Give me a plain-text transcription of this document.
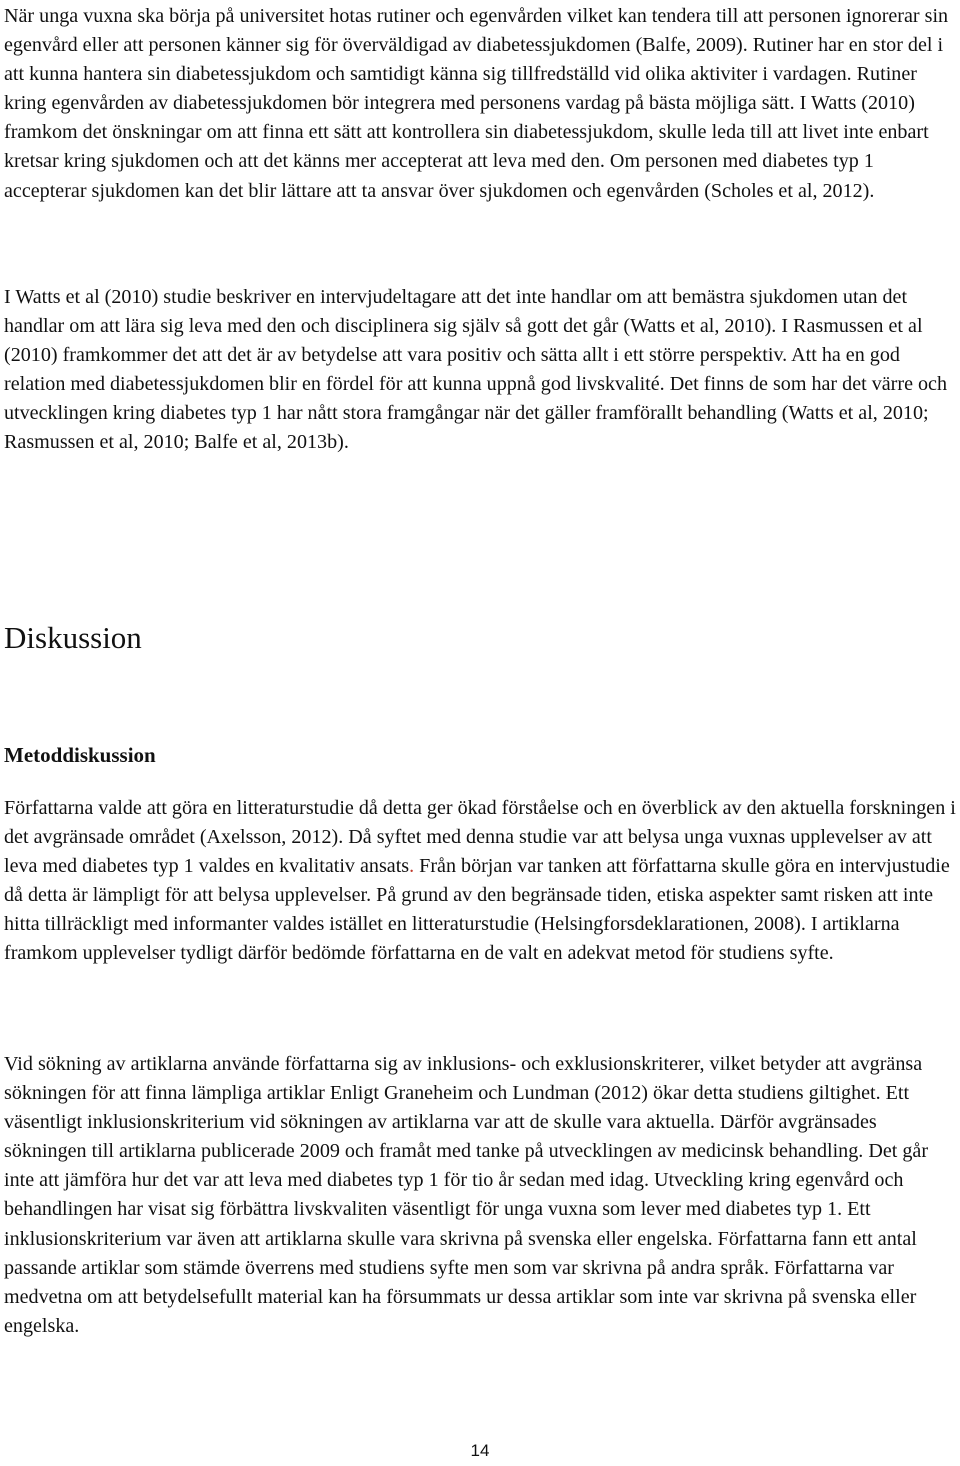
När unga vuxna ska börja på universitet hotas rutiner och egenvården vilket kan tendera till att personen ignorerar sin egenvård eller att personen känner sig för överväldigad av diabetessjukdomen (Balfe, 2009). Rutiner har en stor del i att kunna hantera sin diabetessjukdom och samtidigt känna sig tillfredställd vid olika aktiviter i vardagen. Rutiner kring egenvården av diabetessjukdomen bör integrera med personens vardag på bästa möjliga sätt. I Watts (2010) framkom det önskningar om att finna ett sätt att kontrollera sin diabetessjukdom, skulle leda till att livet inte enbart kretsar kring sjukdomen och att det känns mer accepterat att leva med den. Om personen med diabetes typ 1 accepterar sjukdomen kan det blir lättare att ta ansvar över sjukdomen och egenvården (Scholes et al, 2012).

I Watts et al (2010) studie beskriver en intervjudeltagare att det inte handlar om att bemästra sjukdomen utan det handlar om att lära sig leva med den och disciplinera sig själv så gott det går (Watts et al, 2010). I Rasmussen et al (2010) framkommer det att det är av betydelse att vara positiv och sätta allt i ett större perspektiv. Att ha en god relation med diabetessjukdomen blir en fördel för att kunna uppnå god livskvalité. Det finns de som har det värre och utvecklingen kring diabetes typ 1 har nått stora framgångar när det gäller framförallt behandling (Watts et al, 2010; Rasmussen et al, 2010; Balfe et al, 2013b).

Diskussion
Metoddiskussion

Författarna valde att göra en litteraturstudie då detta ger ökad förståelse och en överblick av den aktuella forskningen i det avgränsade området (Axelsson, 2012). Då syftet med denna studie var att belysa unga vuxnas upplevelser av att leva med diabetes typ 1 valdes en kvalitativ ansats. Från början var tanken att författarna skulle göra en intervjustudie då detta är lämpligt för att belysa upplevelser. På grund av den begränsade tiden, etiska aspekter samt risken att inte hitta tillräckligt med informanter valdes istället en litteraturstudie (Helsingforsdeklarationen, 2008). I artiklarna framkom upplevelser tydligt därför bedömde författarna en de valt en adekvat metod för studiens syfte.

Vid sökning av artiklarna använde författarna sig av inklusions- och exklusionskriterer, vilket betyder att avgränsa sökningen för att finna lämpliga artiklar Enligt Graneheim och Lundman (2012) ökar detta studiens giltighet. Ett väsentligt inklusionskriterium vid sökningen av artiklarna var att de skulle vara aktuella. Därför avgränsades sökningen till artiklarna publicerade 2009 och framåt med tanke på utvecklingen av medicinsk behandling. Det går inte att jämföra hur det var att leva med diabetes typ 1 för tio år sedan med idag. Utveckling kring egenvård och behandlingen har visat sig förbättra livskvaliten väsentligt för unga vuxna som lever med diabetes typ 1. Ett inklusionskriterium var även att artiklarna skulle vara skrivna på svenska eller engelska. Författarna fann ett antal passande artiklar som stämde överrens med studiens syfte men som var skrivna på andra språk. Författarna var medvetna om att betydelsefullt material kan ha försummats ur dessa artiklar som inte var skrivna på svenska eller engelska.

14
